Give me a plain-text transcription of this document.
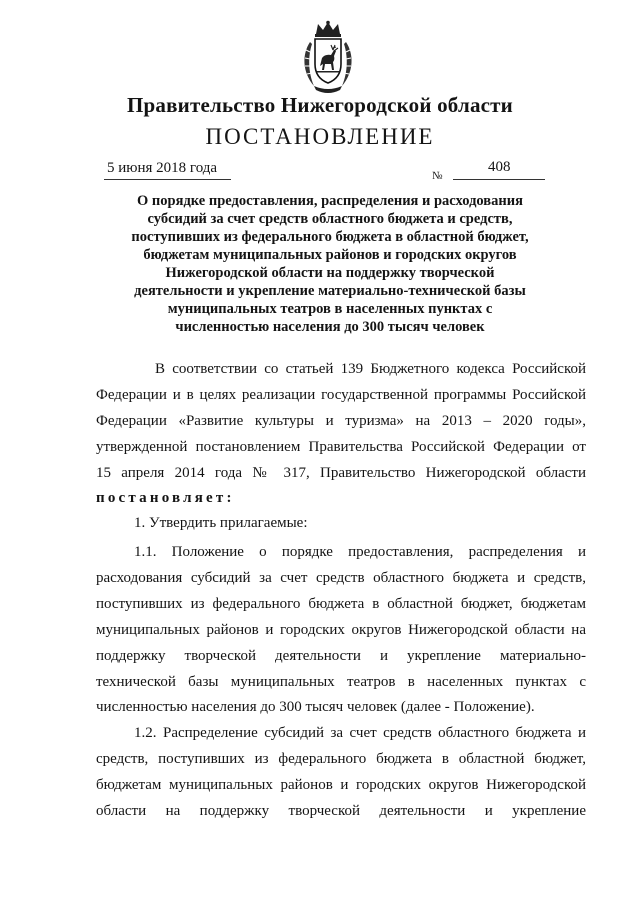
Правительство Нижегородской области
ПОСТАНОВЛЕНИЕ
5 июня 2018 года	№
408
О порядке предоставления, распределения и расходования
субсидий за счет средств областного бюджета и средств,
поступивших из федерального бюджета в областной бюджет,
бюджетам муниципальных районов и городских округов
Нижегородской области на поддержку творческой
деятельности и укрепление материально-технической базы
муниципальных театров в населенных пунктах с
численностью населения до 300 тысяч человек
В соответствии со статьей 139 Бюджетного кодекса Российской
Федерации и в целях реализации государственной программы Российской
Федерации «Развитие культуры и туризма» на 2013 – 2020 годы»,
утвержденной постановлением Правительства Российской Федерации от
15 апреля 2014 года № 317, Правительство Нижегородской области
постановляет:
1. Утвердить прилагаемые:
1.1. Положение о порядке предоставления, распределения и
расходования субсидий за счет средств областного бюджета и средств,
поступивших из федерального бюджета в областной бюджет, бюджетам
муниципальных районов и городских округов Нижегородской области на
поддержку творческой деятельности и укрепление материально-
технической базы муниципальных театров в населенных пунктах с
численностью населения до 300 тысяч человек (далее - Положение).
1.2. Распределение субсидий за счет средств областного бюджета и
средств, поступивших из федерального бюджета в областной бюджет,
бюджетам муниципальных районов и городских округов Нижегородской
области на поддержку творческой деятельности и укрепление
